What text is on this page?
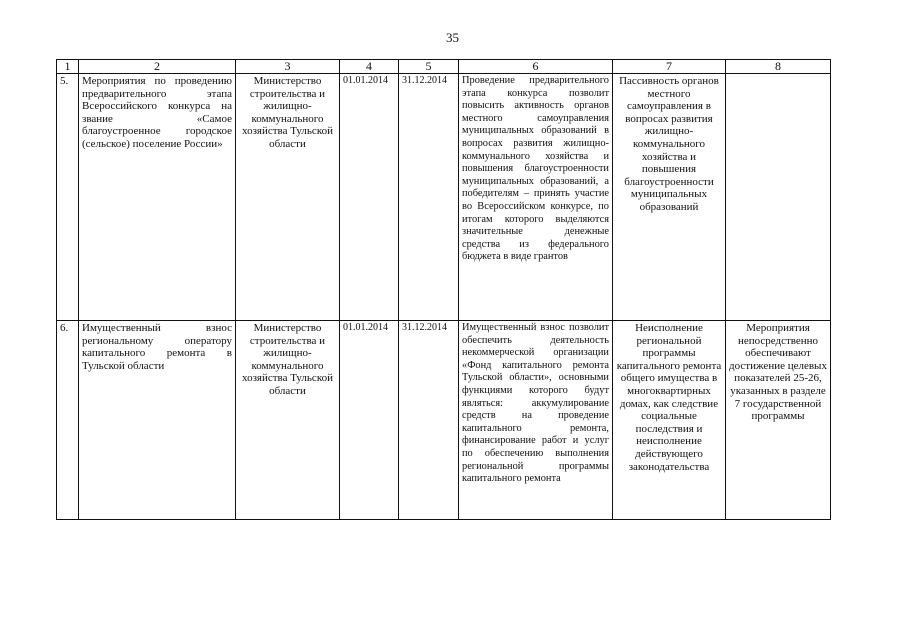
35
1	2	3	4	5	6	7	8
5.	Мероприятия по проведению предварительного этапа Всероссийского конкурса на звание «Самое благоустроенное городское (сельское) поселение России»	Министерство строительства и жилищно-коммунального хозяйства Тульской области	01.01.2014	31.12.2014	Проведение предварительного этапа конкурса позволит повысить активность органов местного самоуправления муниципальных образований в вопросах развития жилищно-коммунального хозяйства и повышения благоустроенности муниципальных образований, а победителям – принять участие во Всероссийском конкурсе, по итогам которого выделяются значительные денежные средства из федерального бюджета в виде грантов	Пассивность органов местного самоуправления в вопросах развития жилищно-коммунального хозяйства и повышения благоустроенности муниципальных образований	
6.	Имущественный взнос региональному оператору капитального ремонта в Тульской области	Министерство строительства и жилищно-коммунального хозяйства Тульской области	01.01.2014	31.12.2014	Имущественный взнос позволит обеспечить деятельность некоммерческой организации «Фонд капитального ремонта Тульской области», основными функциями которого будут являться: аккумулирование средств на проведение капитального ремонта, финансирование работ и услуг по обеспечению выполнения региональной программы капитального ремонта	Неисполнение региональной программы капитального ремонта общего имущества в многоквартирных домах, как следствие социальные последствия и неисполнение действующего законодательства	Мероприятия непосредственно обеспечивают достижение целевых показателей 25-26, указанных в разделе 7 государственной программы
